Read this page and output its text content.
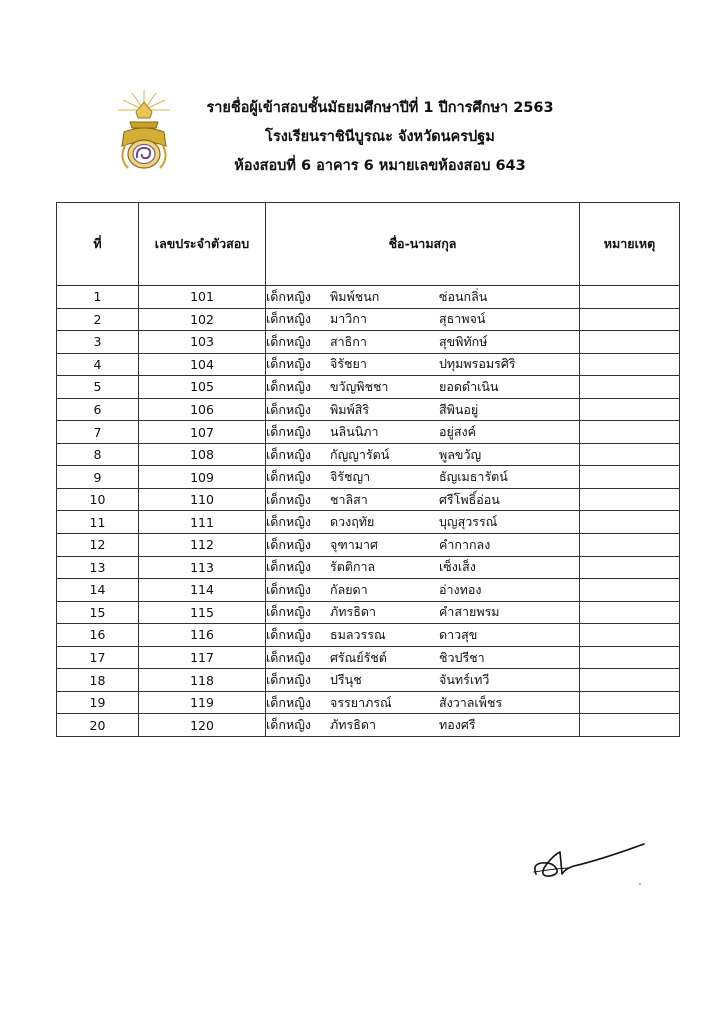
รายชื่อผู้เข้าสอบชั้นมัธยมศึกษาปีที่ 1 ปีการศึกษา 2563
โรงเรียนราชินีบูรณะ จังหวัดนครปฐม
ห้องสอบที่ 6 อาคาร 6 หมายเลขห้องสอบ 643
ที่	เลขประจำตัวสอบ	ชื่อ-นามสกุล	หมายเหตุ
1	101	เด็กหญิง พิมพ์ชนก ซ่อนกลิ่น	
2	102	เด็กหญิง มาวิกา สุธาพจน์	
3	103	เด็กหญิง สาธิกา สุขพิทักษ์	
4	104	เด็กหญิง จิรัชยา ปทุมพรอมรศิริ	
5	105	เด็กหญิง ขวัญพิชชา ยอดดำเนิน	
6	106	เด็กหญิง พิมพ์สิริ สีพินอยู่	
7	107	เด็กหญิง นลินนิภา อยู่สงค์	
8	108	เด็กหญิง กัญญารัตน์ พูลขวัญ	
9	109	เด็กหญิง จิรัชญา ธัญเมธารัตน์	
10	110	เด็กหญิง ชาลิสา ศรีโพธิ์อ่อน	
11	111	เด็กหญิง ดวงฤทัย บุญสุวรรณ์	
12	112	เด็กหญิง จุฑามาศ คำกากลง	
13	113	เด็กหญิง รัตติกาล เซ็งเส็ง	
14	114	เด็กหญิง กัลยดา อ่างทอง	
15	115	เด็กหญิง ภัทรธิดา คำสายพรม	
16	116	เด็กหญิง ธมลวรรณ ดาวสุข	
17	117	เด็กหญิง ศรัณย์รัชต์ ชิวปรีชา	
18	118	เด็กหญิง ปรีนุช จันทร์เทวี	
19	119	เด็กหญิง จรรยาภรณ์ สังวาลเพ็ชร	
20	120	เด็กหญิง ภัทรธิดา ทองศรี	
